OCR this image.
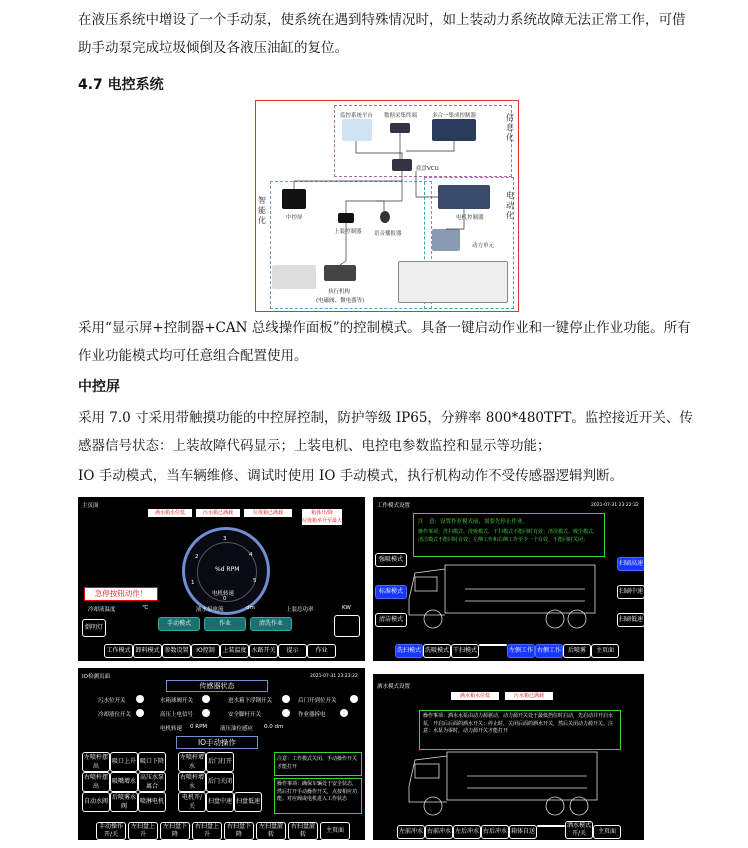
在液压系统中增设了一个手动泵，使系统在遇到特殊情况时，如上装动力系统故障无法正常工作，可借助手动泵完成垃圾倾倒及各液压油缸的复位。
4.7 电控系统
信息化
电动化
智能化
监控系统平台 数据采集终端	多合一集成控制器
底盘VCU
中控屏
上装控制器 语音播报器
电机控制器
动力单元
执行机构
(电磁阀、微电器等)
采用“显示屏+控制器+CAN 总线操作面板”的控制模式。具备一键启动作业和一键停止作业功能。所有作业功能模式均可任意组合配置使用。
中控屏
采用 7.0 寸采用带触摸功能的中控屏控制，防护等级 IP65，分辨率 800*480TFT。监控接近开关、传感器信号状态：上装故障代码显示；上装电机、电控电参数监控和显示等功能；
IO 手动模式，当车辆维修、调试时使用 IO 手动模式，执行机构动作不受传感器逻辑判断。
主页面
满水箱水位低	污水箱已满载	垃圾箱已满载	箱体升/降
垃圾箱举升至最大
%d RPM
1
2
3
4
5
0
电机转速
急停按钮动作！
冷却液温度	℃	液水泵电流	dm	上装总功率	KW
手动模式	作业	清洗作业
倒明灯
工作模式 卸料模式 参数设置	IO控制	上装温度 水路开关	提示	作业
工作模式设置	2021-07-31 23:22:32
注　意：设置作业模式前，需要先停止作业。
操作事项：洗扫模式、洗吸模式、干扫模式不能同时有效；清洗模式、吸尘模式、清洁模式不能同时有效；左侧工作和右侧工作至少一个有效，不能同时关闭；
强吸模式
标准模式
清洁模式
扫刷高速
扫刷中速
扫刷低速
洗扫模式 洗吸模式 干扫模式	左侧工作 右侧工作	后喷雾	主页面
IO检测页面	2021-07-31 23:23:22
传感器状态
污水位开关	水箱球阀开关	进水箱下浮钢开关	后门开到位开关
冷却液位开关	高压上电信号	安全脚杆开关	作业器拆电
电机转速 0 RPM 液压油位感应 0.0 dm
IO手动操作
左喷杆摆出
吸口上升 吸口下降
左喷杆增水
后门打开
右喷杆摆出
吸嘴增水
高压水泵离合
右喷杆增水
后门关闭
自动水阀
后喷雾水阀
喷淋电机
电机开/关
扫盘中速 扫盘低速
注意：工作模式关闭、手动操作开关才能打开
操作事项：确保车辆处于安全状态，然后打开手动操作开关，点按相应功能。对应阀或电机进入工作状态
手动操作开/关
左扫盘上升
左扫盘下降
右扫盘上升
右扫盘下降
左扫盘旋转
右扫盘旋转
主页面
洒水模式设置
满水箱水位低	污水箱已满载
操作事项：洒水水泵由动力源驱动，动力源开关处于最低挡位时启动，先启动并开启水泵，开启后后面的洒水开关；停止时，关闭后面的洒水开关，然后关闭动力源开关。注意：水泵为零时，动力源开关才能打开
左前冲水 右前冲水 左后冲水 右后冲水 箱体自送
洒水模式开/关	主页面
